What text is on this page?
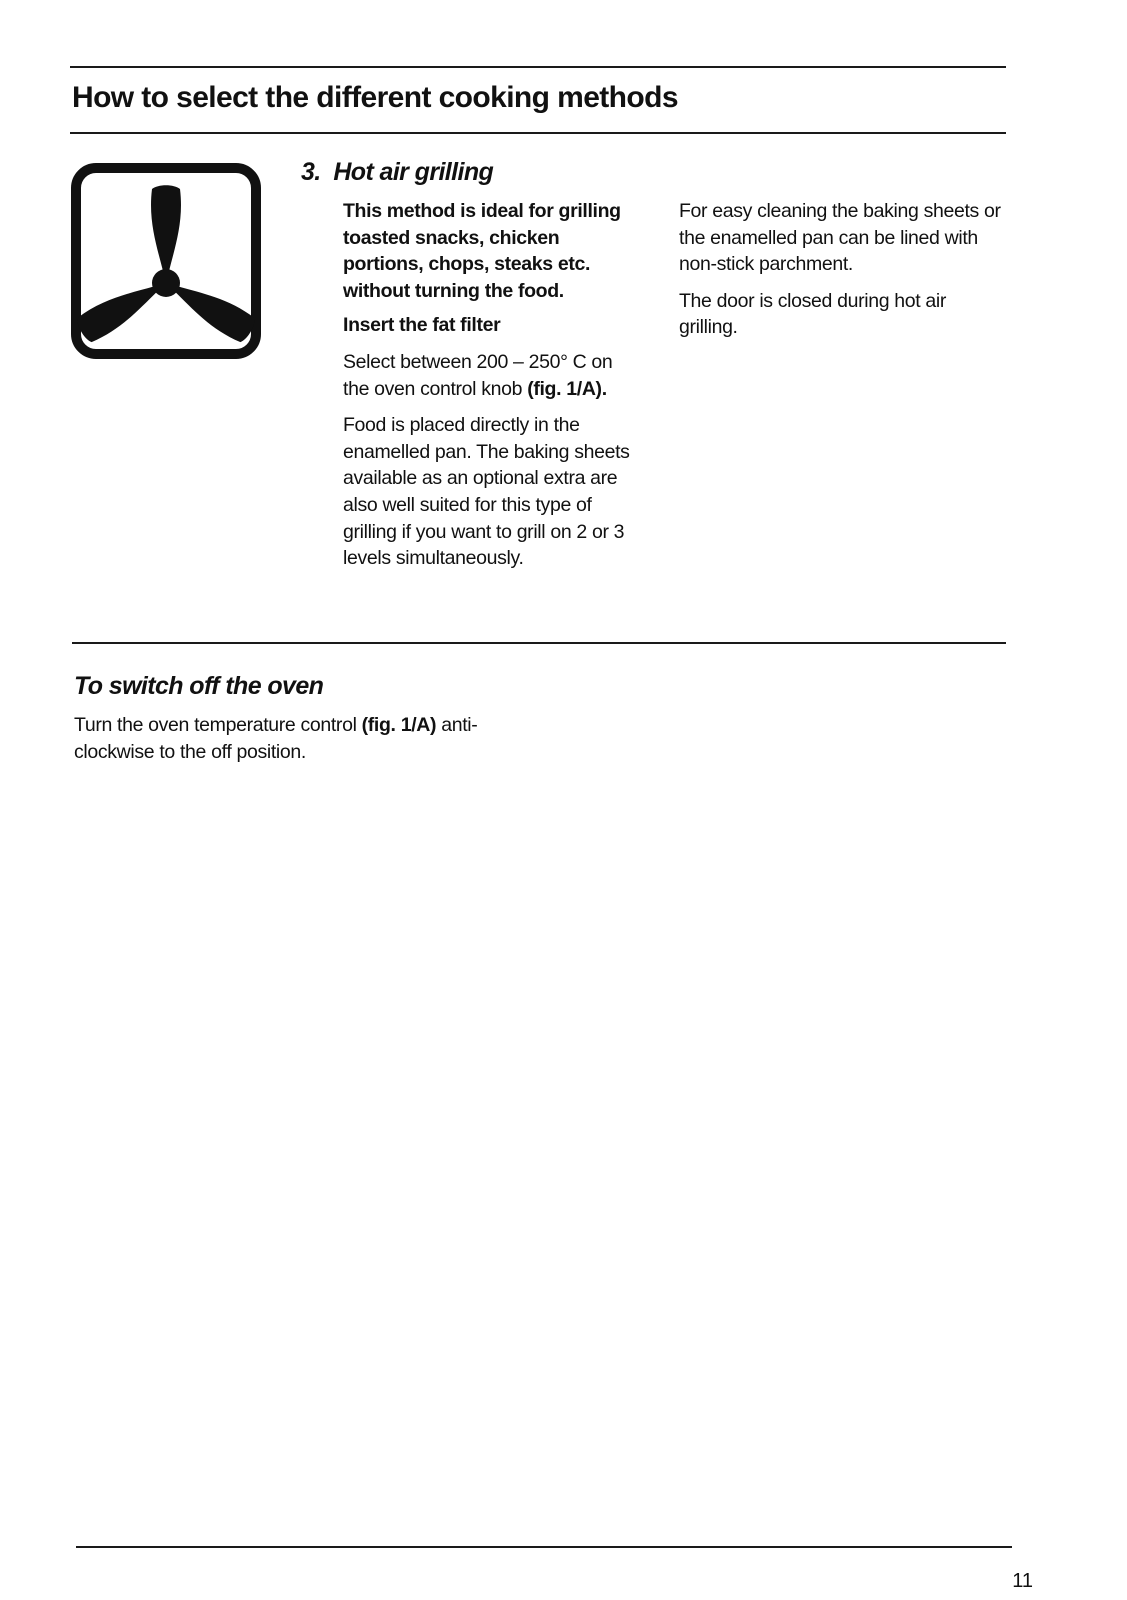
How to select the different cooking methods
3.  Hot air grilling

This method is ideal for grilling toasted snacks, chicken portions, chops, steaks etc. without turning the food.

Insert the fat filter

Select between 200 – 250° C on the oven control knob (fig. 1/A).

Food is placed directly in the enamelled pan. The baking sheets available as an optional extra are also well suited for this type of grilling if you want to grill on 2 or 3 levels simultaneously.

For easy cleaning the baking sheets or the enamelled pan can be lined with non-stick parchment.

The door is closed during hot air grilling.

To switch off the oven

Turn the oven temperature control (fig. 1/A) anti-clockwise to the off position.

11
